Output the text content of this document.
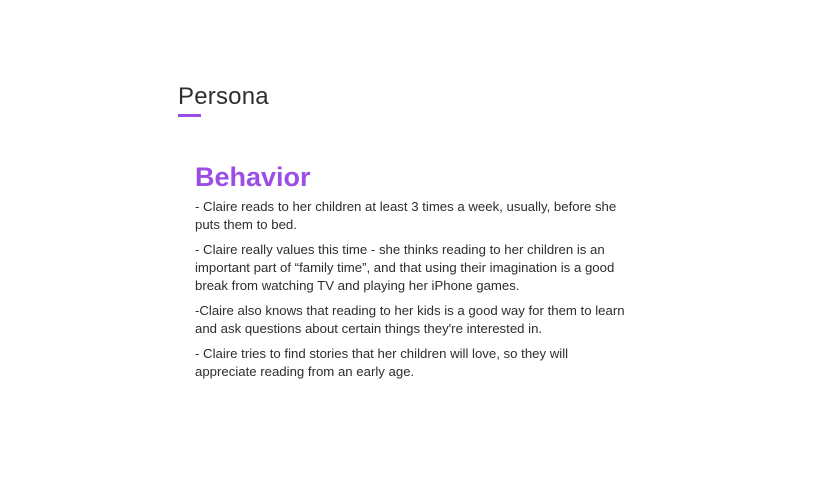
Persona
Behavior

- Claire reads to her children at least 3 times a week, usually, before she puts them to bed.

- Claire really values this time - she thinks reading to her children is an important part of “family time”, and that using their imagination is a good break from watching TV and playing her iPhone games.

-Claire also knows that reading to her kids is a good way for them to learn and ask questions about certain things they're interested in.

- Claire tries to find stories that her children will love, so they will appreciate reading from an early age.
